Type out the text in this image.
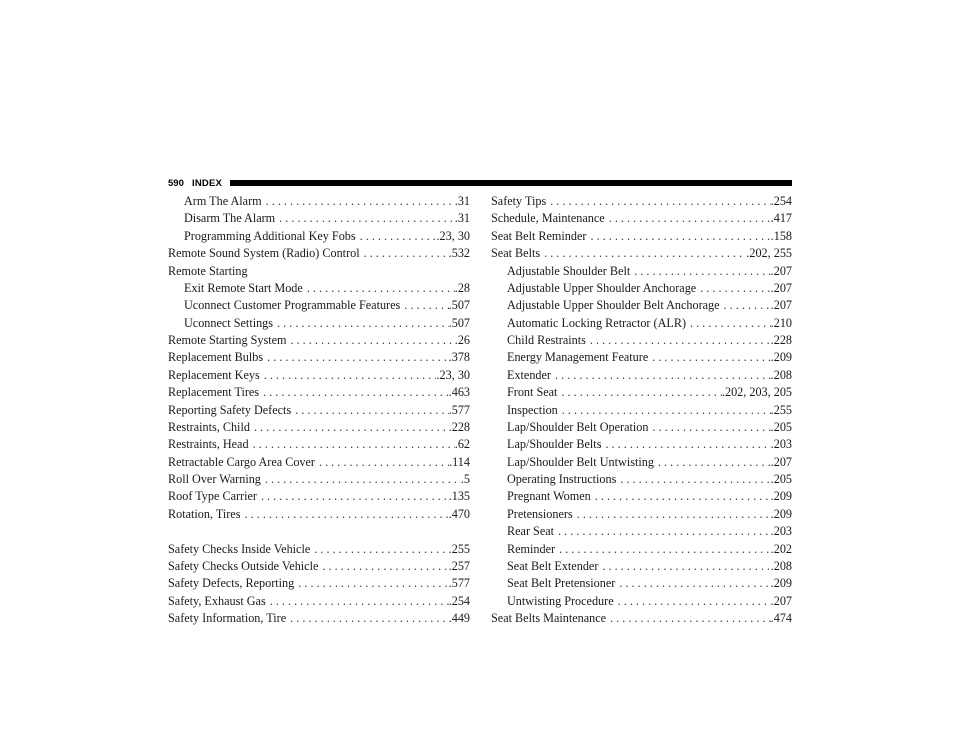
590 INDEX
Arm The Alarm . . .	.31
Disarm The Alarm . . .	.31
Programming Additional Key Fobs . . .	.23, 30
Remote Sound System (Radio) Control . . .	.532
Remote Starting
Exit Remote Start Mode . . .	.28
Uconnect Customer Programmable Features . . .	.507
Uconnect Settings . . .	.507
Remote Starting System . . .	.26
Replacement Bulbs . . .	.378
Replacement Keys . . .	.23, 30
Replacement Tires . . .	.463
Reporting Safety Defects . . .	.577
Restraints, Child . . .	.228
Restraints, Head . . .	.62
Retractable Cargo Area Cover . . .	.114
Roll Over Warning . . .	.5
Roof Type Carrier . . .	.135
Rotation, Tires . . .	.470
Safety Checks Inside Vehicle . . .	.255
Safety Checks Outside Vehicle . . .	.257
Safety Defects, Reporting . . .	.577
Safety, Exhaust Gas . . .	.254
Safety Information, Tire . . .	.449
Safety Tips . . .	.254
Schedule, Maintenance . . .	.417
Seat Belt Reminder . . .	.158
Seat Belts . . .	.202, 255
Adjustable Shoulder Belt . . .	.207
Adjustable Upper Shoulder Anchorage . . .	.207
Adjustable Upper Shoulder Belt Anchorage . . .	.207
Automatic Locking Retractor (ALR) . . .	.210
Child Restraints . . .	.228
Energy Management Feature . . .	.209
Extender . . .	.208
Front Seat . . .	.202, 203, 205
Inspection . . .	.255
Lap/Shoulder Belt Operation . . .	.205
Lap/Shoulder Belts . . .	.203
Lap/Shoulder Belt Untwisting . . .	.207
Operating Instructions . . .	.205
Pregnant Women . . .	.209
Pretensioners . . .	.209
Rear Seat . . .	.203
Reminder . . .	.202
Seat Belt Extender . . .	.208
Seat Belt Pretensioner . . .	.209
Untwisting Procedure . . .	.207
Seat Belts Maintenance . . .	.474
